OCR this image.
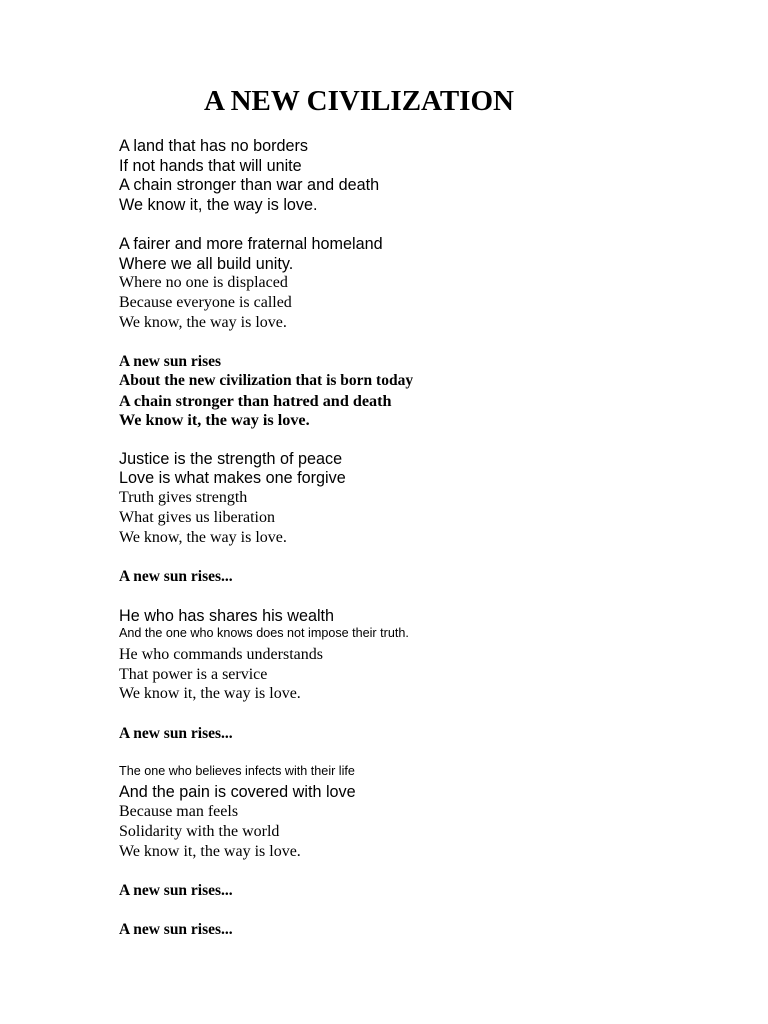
A NEW CIVILIZATION

A land that has no borders

If not hands that will unite

A chain stronger than war and death

We know it, the way is love.

A fairer and more fraternal homeland

Where we all build unity.

Where no one is displaced

Because everyone is called

We know, the way is love.

A new sun rises

About the new civilization that is born today

A chain stronger than hatred and death

We know it, the way is love.

Justice is the strength of peace

Love is what makes one forgive

Truth gives strength

What gives us liberation

We know, the way is love.

A new sun rises...

He who has shares his wealth

And the one who knows does not impose their truth.

He who commands understands

That power is a service

We know it, the way is love.

A new sun rises...

The one who believes infects with their life

And the pain is covered with love

Because man feels

Solidarity with the world

We know it, the way is love.

A new sun rises...

A new sun rises...
